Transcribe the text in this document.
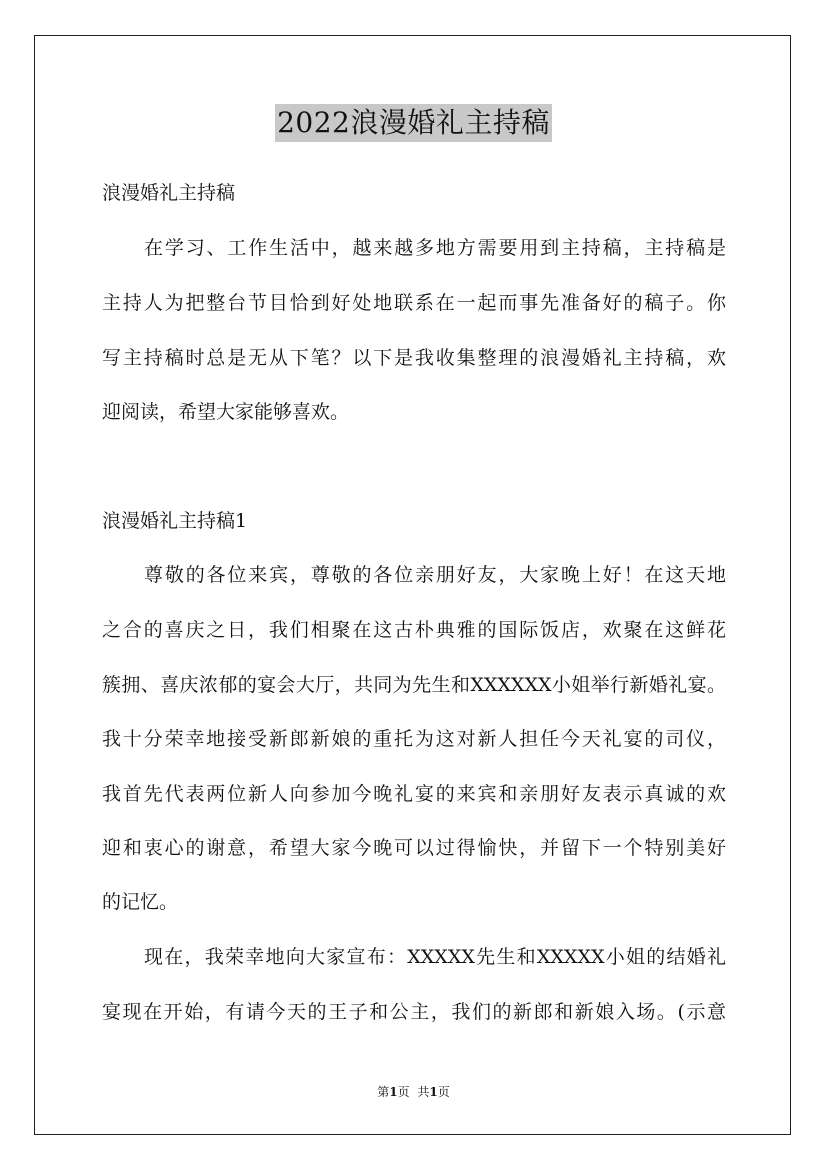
2022浪漫婚礼主持稿
浪漫婚礼主持稿
在学习、工作生活中，越来越多地方需要用到主持稿，主持稿是
主持人为把整台节目恰到好处地联系在一起而事先准备好的稿子。你
写主持稿时总是无从下笔？以下是我收集整理的浪漫婚礼主持稿，欢
迎阅读，希望大家能够喜欢。
浪漫婚礼主持稿1
尊敬的各位来宾，尊敬的各位亲朋好友，大家晚上好！在这天地
之合的喜庆之日，我们相聚在这古朴典雅的国际饭店，欢聚在这鲜花
簇拥、喜庆浓郁的宴会大厅，共同为先生和XXXXXX小姐举行新婚礼宴。
我十分荣幸地接受新郎新娘的重托为这对新人担任今天礼宴的司仪，
我首先代表两位新人向参加今晚礼宴的来宾和亲朋好友表示真诚的欢
迎和衷心的谢意，希望大家今晚可以过得愉快，并留下一个特别美好
的记忆。
现在，我荣幸地向大家宣布：XXXXX先生和XXXXX小姐的结婚礼
宴现在开始，有请今天的王子和公主，我们的新郎和新娘入场。(示意
第1页 共1页
